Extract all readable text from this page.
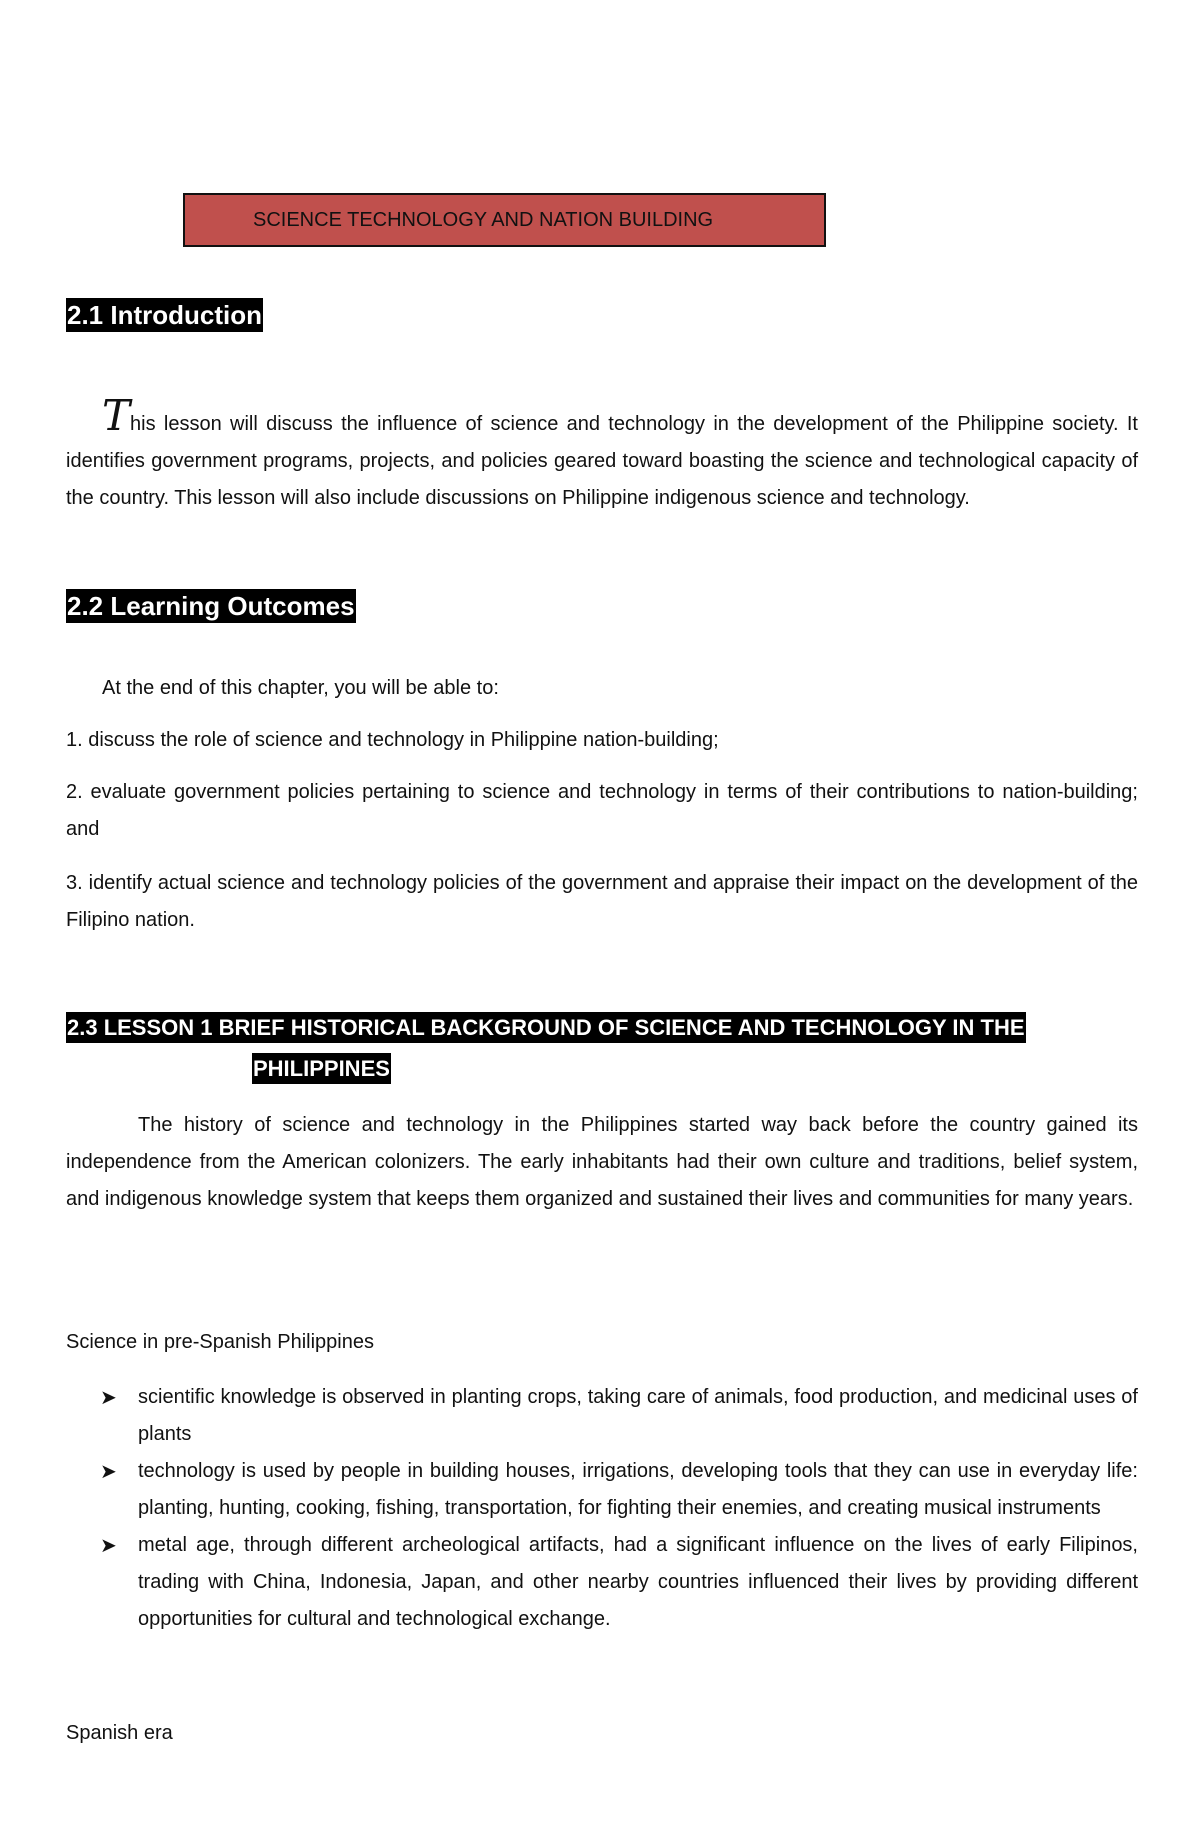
SCIENCE TECHNOLOGY AND NATION BUILDING
2.1 Introduction
This lesson will discuss the influence of science and technology in the development of the Philippine society. It identifies government programs, projects, and policies geared toward boasting the science and technological capacity of the country. This lesson will also include discussions on Philippine indigenous science and technology.
2.2 Learning Outcomes
At the end of this chapter, you will be able to:
1. discuss the role of science and technology in Philippine nation-building;
2. evaluate government policies pertaining to science and technology in terms of their contributions to nation-building; and
3. identify actual science and technology policies of the government and appraise their impact on the development of the Filipino nation.
2.3 LESSON 1 BRIEF HISTORICAL BACKGROUND OF SCIENCE AND TECHNOLOGY IN THE
PHILIPPINES
The history of science and technology in the Philippines started way back before the country gained its independence from the American colonizers. The early inhabitants had their own culture and traditions, belief system, and indigenous knowledge system that keeps them organized and sustained their lives and communities for many years.
Science in pre-Spanish Philippines
➤ scientific knowledge is observed in planting crops, taking care of animals, food production, and medicinal uses of plants
➤ technology is used by people in building houses, irrigations, developing tools that they can use in everyday life: planting, hunting, cooking, fishing, transportation, for fighting their enemies, and creating musical instruments
➤ metal age, through different archeological artifacts, had a significant influence on the lives of early Filipinos, trading with China, Indonesia, Japan, and other nearby countries influenced their lives by providing different opportunities for cultural and technological exchange.
Spanish era
